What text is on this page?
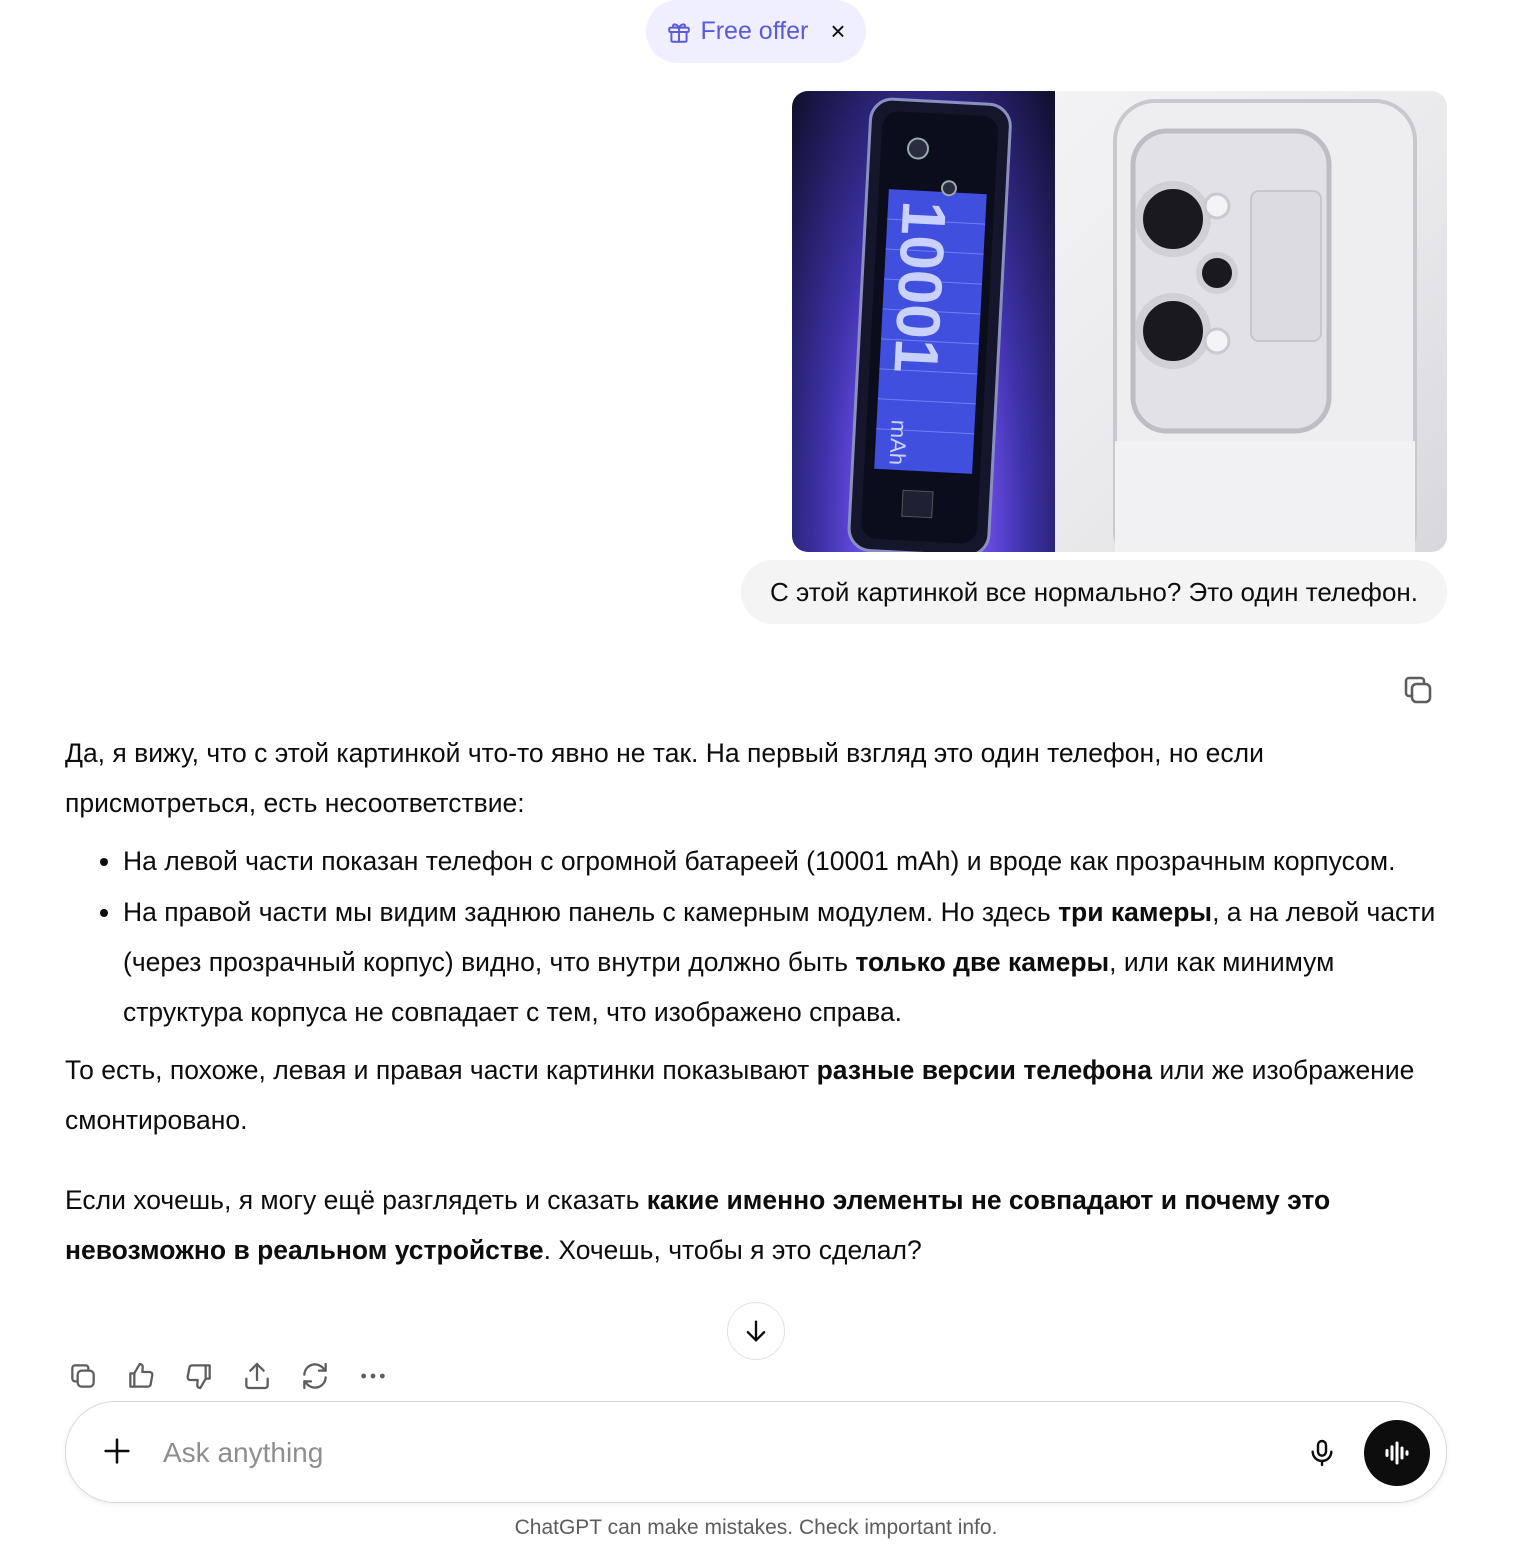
Free offer ×
10001
mAh
С этой картинкой все нормально? Это один телефон.

Да, я вижу, что с этой картинкой что-то явно не так. На первый взгляд это один телефон, но если присмотреться, есть несоответствие:

• На левой части показан телефон с огромной батареей (10001 mAh) и вроде как прозрачным корпусом.
• На правой части мы видим заднюю панель с камерным модулем. Но здесь три камеры, а на левой части (через прозрачный корпус) видно, что внутри должно быть только две камеры, или как минимум структура корпуса не совпадает с тем, что изображено справа.

То есть, похоже, левая и правая части картинки показывают разные версии телефона или же изображение смонтировано.

Если хочешь, я могу ещё разглядеть и сказать какие именно элементы не совпадают и почему это невозможно в реальном устройстве. Хочешь, чтобы я это сделал?

Ask anything
ChatGPT can make mistakes. Check important info.
